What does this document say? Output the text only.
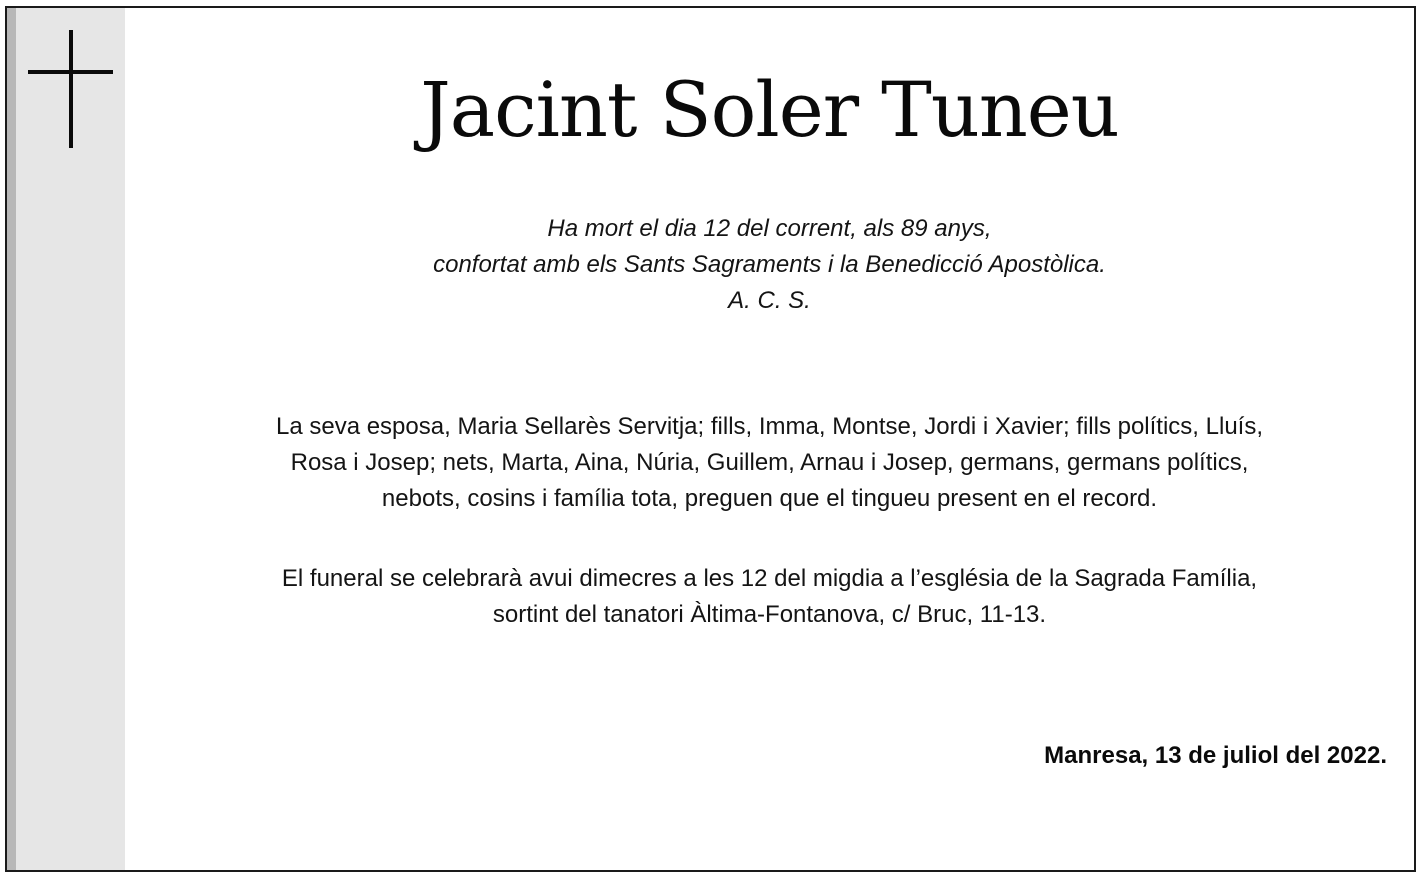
Jacint Soler Tuneu
Ha mort el dia 12 del corrent, als 89 anys,
confortat amb els Sants Sagraments i la Benedicció Apostòlica.
A. C. S.
La seva esposa, Maria Sellarès Servitja; fills, Imma, Montse, Jordi i Xavier; fills polítics, Lluís,
Rosa i Josep; nets, Marta, Aina, Núria, Guillem, Arnau i Josep, germans, germans polítics,
nebots, cosins i família tota, preguen que el tingueu present en el record.
El funeral se celebrarà avui dimecres a les 12 del migdia a l’església de la Sagrada Família,
sortint del tanatori Àltima-Fontanova, c/ Bruc, 11-13.
Manresa, 13 de juliol del 2022.
